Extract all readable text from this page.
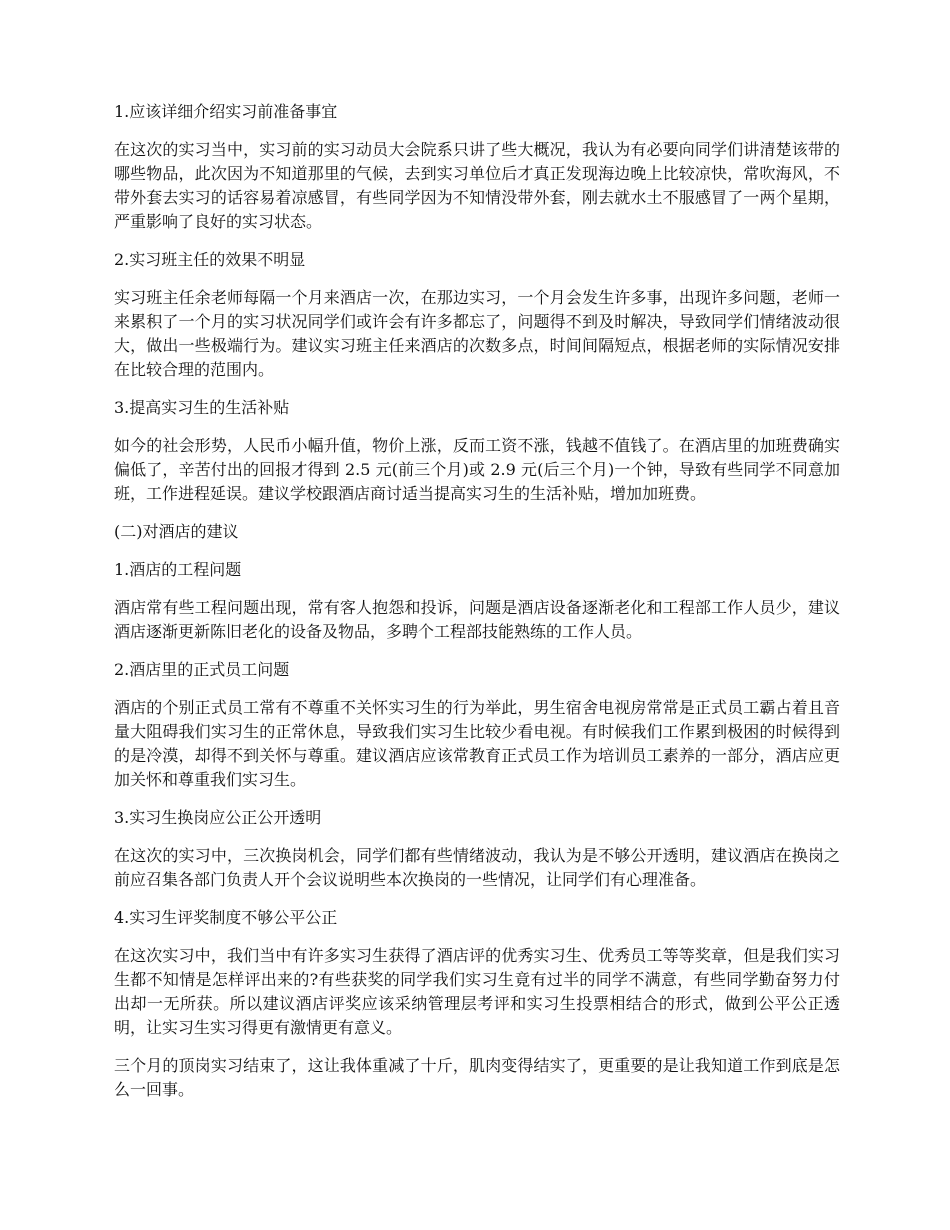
1.应该详细介绍实习前准备事宜

在这次的实习当中，实习前的实习动员大会院系只讲了些大概况，我认为有必要向同学们讲清楚该带的哪些物品，此次因为不知道那里的气候，去到实习单位后才真正发现海边晚上比较凉快，常吹海风，不带外套去实习的话容易着凉感冒，有些同学因为不知情没带外套，刚去就水土不服感冒了一两个星期，严重影响了良好的实习状态。

2.实习班主任的效果不明显

实习班主任余老师每隔一个月来酒店一次，在那边实习，一个月会发生许多事，出现许多问题，老师一来累积了一个月的实习状况同学们或许会有许多都忘了，问题得不到及时解决，导致同学们情绪波动很大，做出一些极端行为。建议实习班主任来酒店的次数多点，时间间隔短点，根据老师的实际情况安排在比较合理的范围内。

3.提高实习生的生活补贴

如今的社会形势，人民币小幅升值，物价上涨，反而工资不涨，钱越不值钱了。在酒店里的加班费确实偏低了，辛苦付出的回报才得到 2.5 元(前三个月)或 2.9 元(后三个月)一个钟，导致有些同学不同意加班，工作进程延误。建议学校跟酒店商讨适当提高实习生的生活补贴，增加加班费。

(二)对酒店的建议

1.酒店的工程问题

酒店常有些工程问题出现，常有客人抱怨和投诉，问题是酒店设备逐渐老化和工程部工作人员少，建议酒店逐渐更新陈旧老化的设备及物品，多聘个工程部技能熟练的工作人员。

2.酒店里的正式员工问题

酒店的个别正式员工常有不尊重不关怀实习生的行为举此，男生宿舍电视房常常是正式员工霸占着且音量大阻碍我们实习生的正常休息，导致我们实习生比较少看电视。有时候我们工作累到极困的时候得到的是冷漠，却得不到关怀与尊重。建议酒店应该常教育正式员工作为培训员工素养的一部分，酒店应更加关怀和尊重我们实习生。

3.实习生换岗应公正公开透明

在这次的实习中，三次换岗机会，同学们都有些情绪波动，我认为是不够公开透明，建议酒店在换岗之前应召集各部门负责人开个会议说明些本次换岗的一些情况，让同学们有心理准备。

4.实习生评奖制度不够公平公正

在这次实习中，我们当中有许多实习生获得了酒店评的优秀实习生、优秀员工等等奖章，但是我们实习生都不知情是怎样评出来的?有些获奖的同学我们实习生竟有过半的同学不满意，有些同学勤奋努力付出却一无所获。所以建议酒店评奖应该采纳管理层考评和实习生投票相结合的形式，做到公平公正透明，让实习生实习得更有激情更有意义。

三个月的顶岗实习结束了，这让我体重减了十斤，肌肉变得结实了，更重要的是让我知道工作到底是怎么一回事。
